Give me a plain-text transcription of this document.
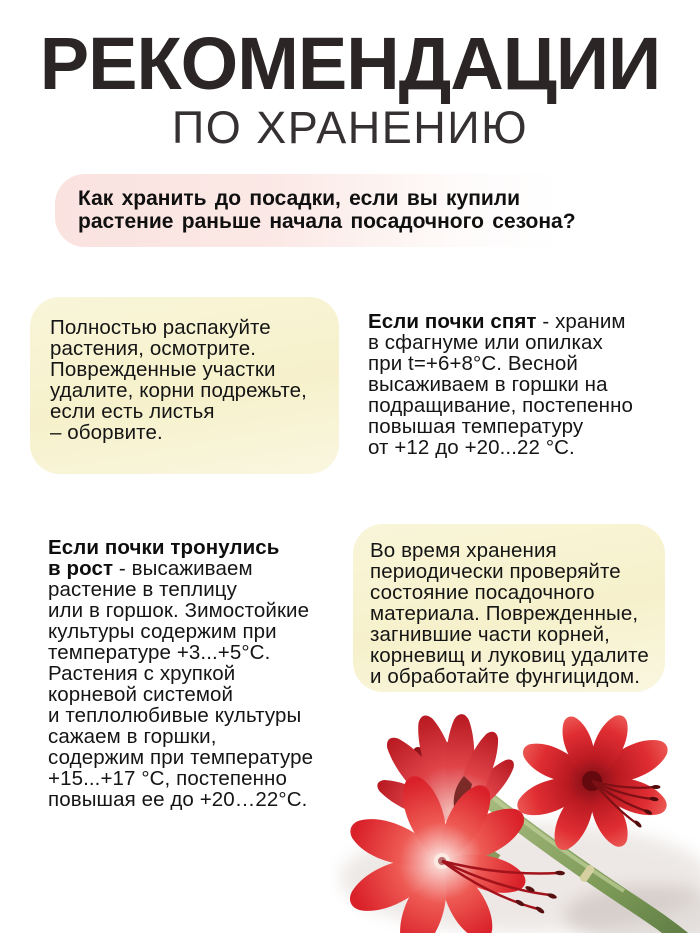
РЕКОМЕНДАЦИИ
ПО ХРАНЕНИЮ
Как хранить до посадки, если вы купили
растение раньше начала посадочного сезона?
Полностью распакуйте
растения, осмотрите.
Поврежденные участки
удалите, корни подрежьте,
если есть листья
– оборвите.
Если почки спят - храним
в сфагнуме или опилках
при t=+6+8°С. Весной
высаживаем в горшки на
подращивание, постепенно
повышая температуру
от +12 до +20...22 °С.
Если почки тронулись
в рост - высаживаем
растение в теплицу
или в горшок. Зимостойкие
культуры содержим при
температуре +3...+5°С.
Растения с хрупкой
корневой системой
и теплолюбивые культуры
сажаем в горшки,
содержим при температуре
+15...+17 °С, постепенно
повышая ее до +20…22°С.
Во время хранения
периодически проверяйте
состояние посадочного
материала. Поврежденные,
загнившие части корней,
корневищ и луковиц удалите
и обработайте фунгицидом.
